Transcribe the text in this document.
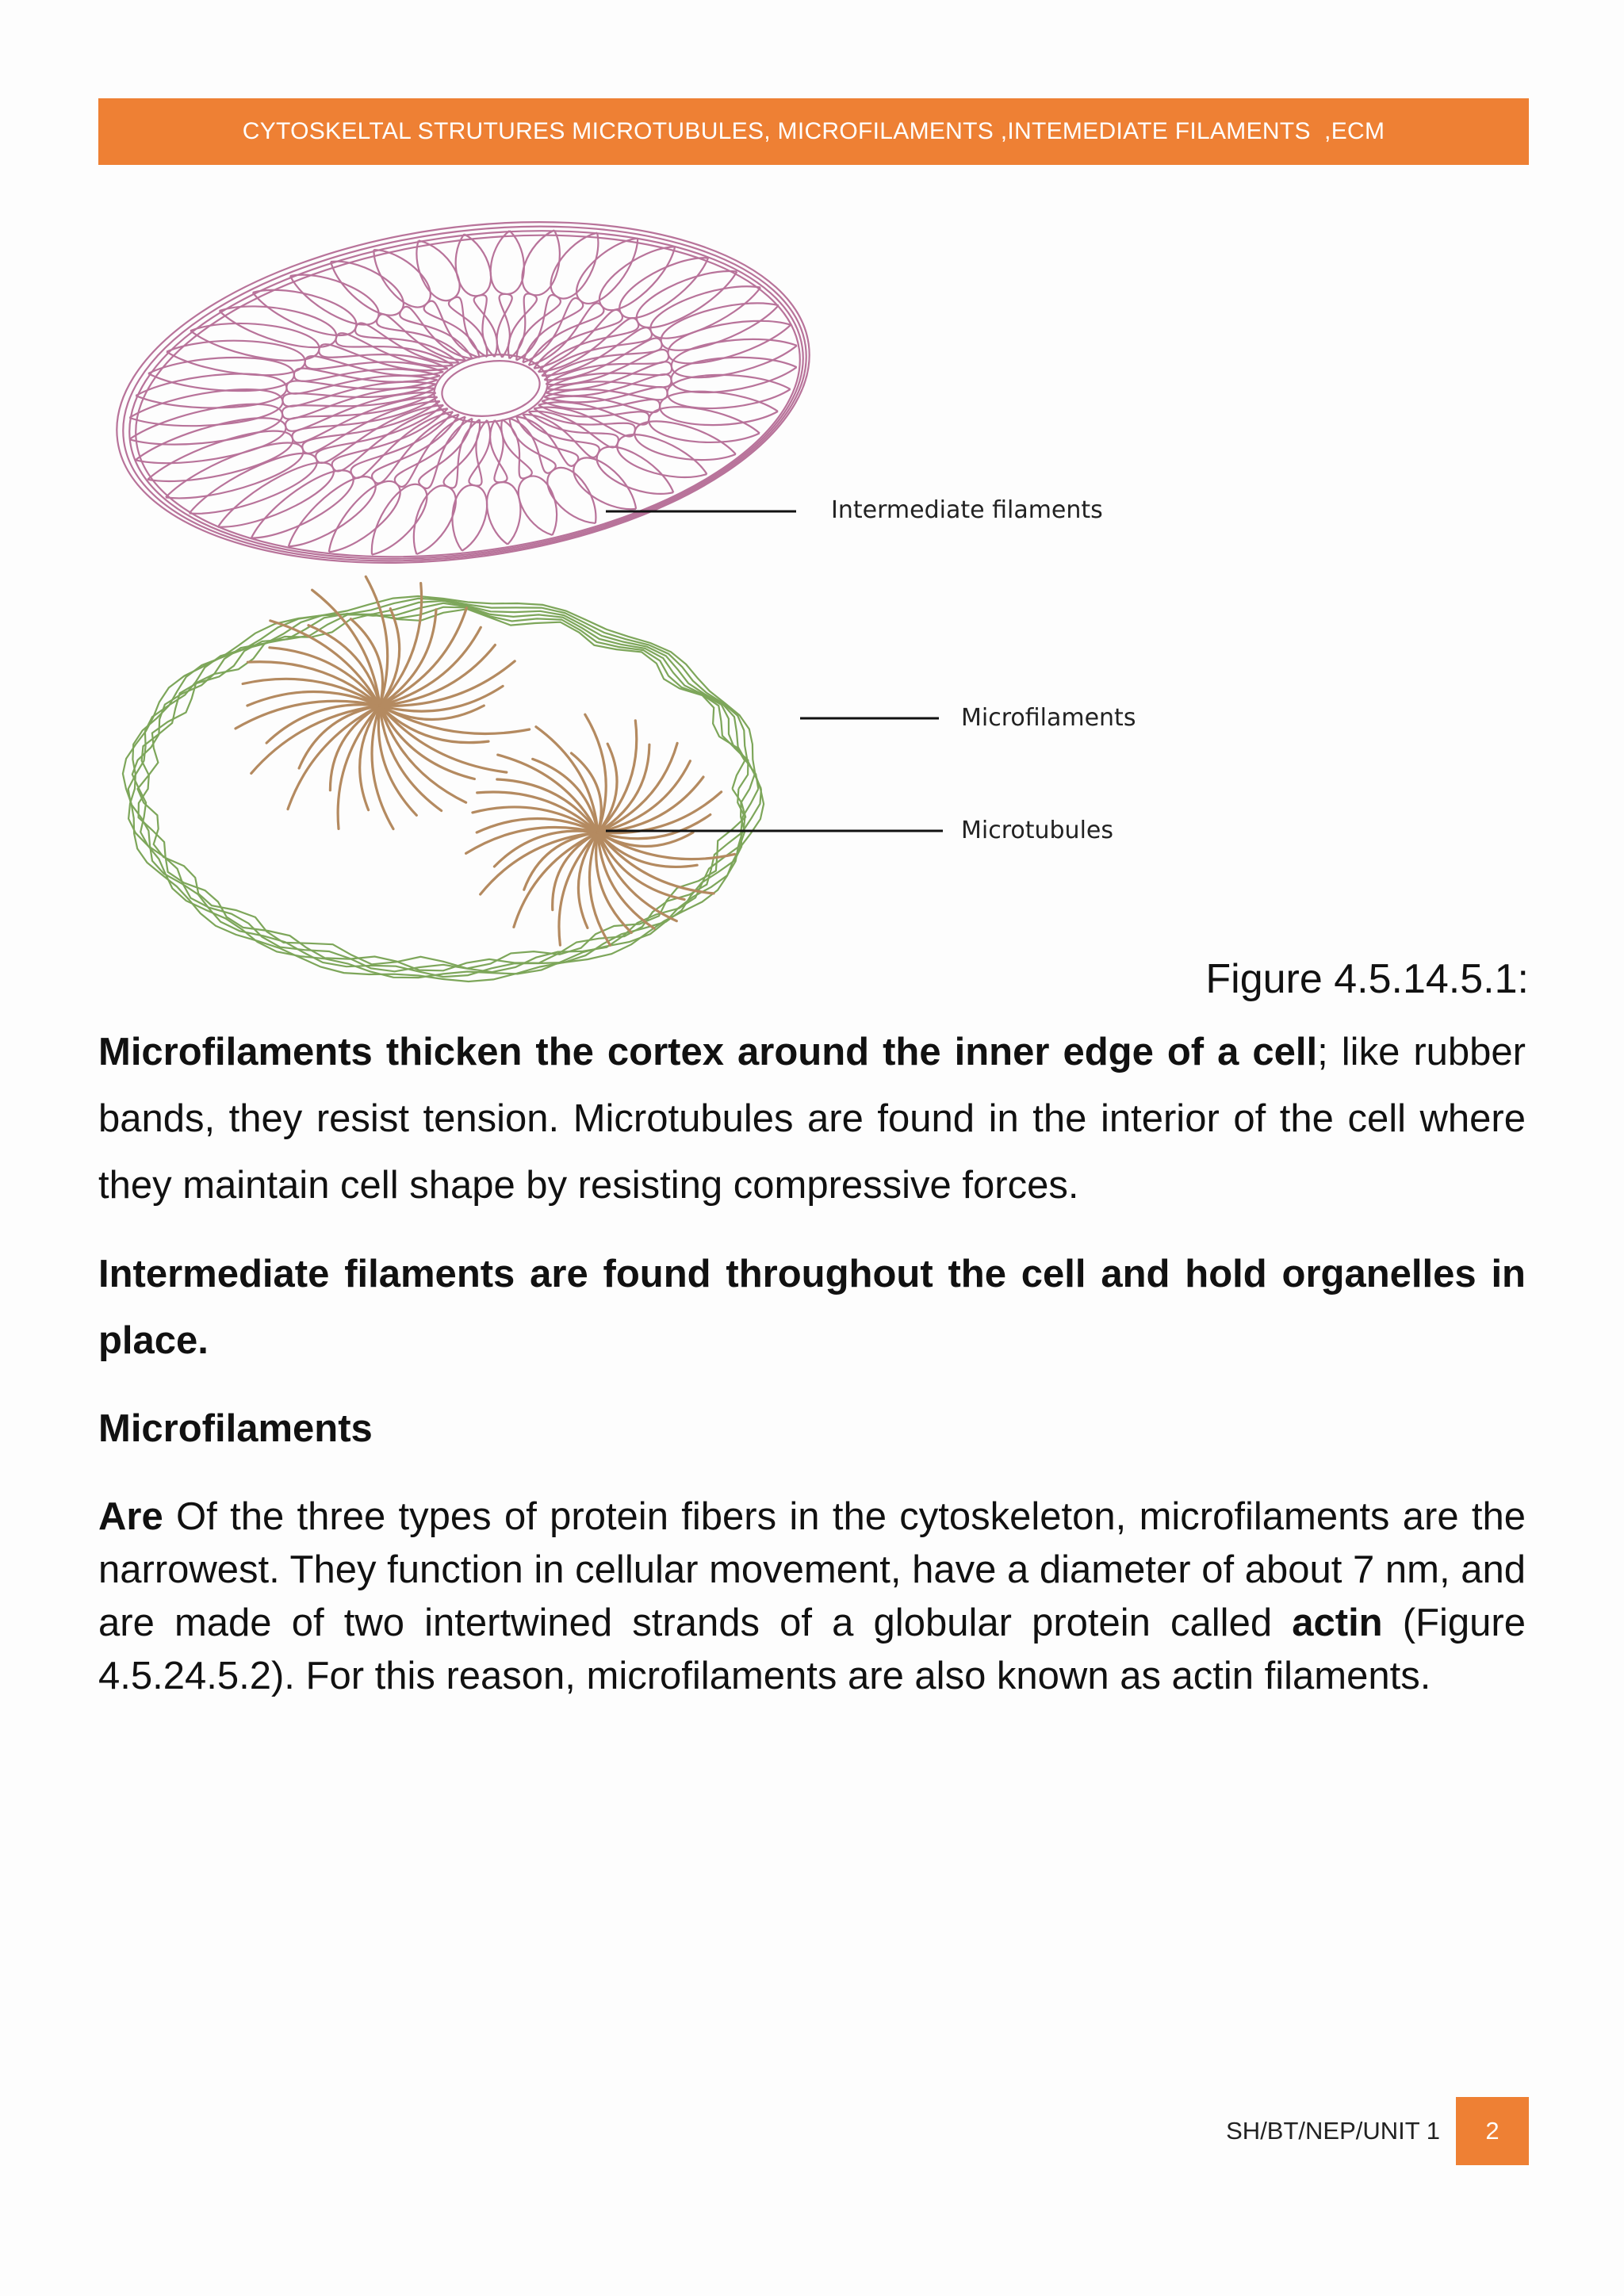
CYTOSKELTAL STRUTURES MICROTUBULES, MICROFILAMENTS ,INTEMEDIATE FILAMENTS  ,ECM
Intermediate filaments
Microfilaments
Microtubules
Figure 4.5.14.5.1:
Microfilaments thicken the cortex around the inner edge of a cell; like rubber bands, they resist tension. Microtubules are found in the interior of the cell where they maintain cell shape by resisting compressive forces.
Intermediate filaments are found throughout the cell and hold organelles in place.
Microfilaments
Are Of the three types of protein fibers in the cytoskeleton, microfilaments are the narrowest. They function in cellular movement, have a diameter of about 7 nm, and are made of two intertwined strands of a globular protein called actin (Figure 4.5.24.5.2). For this reason, microfilaments are also known as actin filaments.
SH/BT/NEP/UNIT 1	2
